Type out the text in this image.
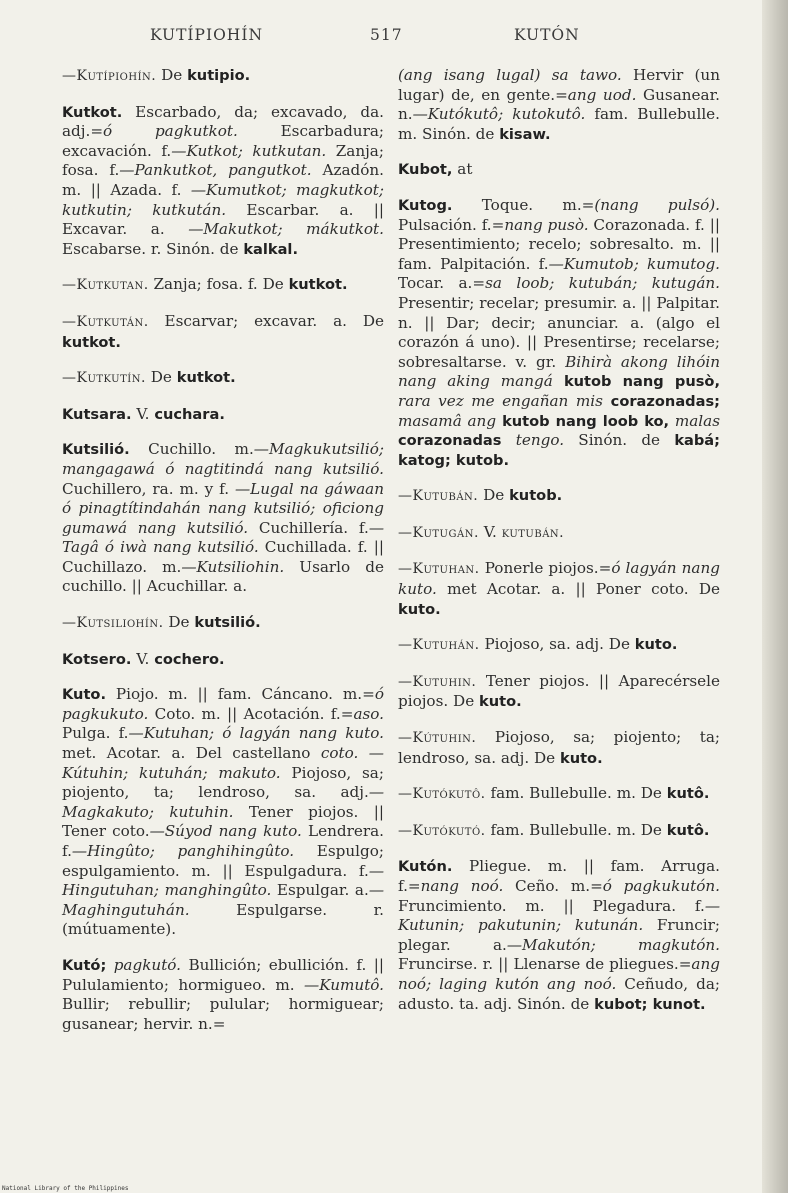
KUTÍPIOHÍN	517	KUTÓN

—Kutípiohín. De kutipio.

Kutkot. Escarbado, da; excavado, da. adj.=ó pagkutkot. Escarbadura; excavación. f.—Kutkot; kutkutan. Zanja; fosa. f.—Pankutkot, pangutkot. Azadón. m. || Azada. f. —Kumutkot; magkutkot; kutkutin; kutkután. Escarbar. a. || Excavar. a. —Makutkot; mákutkot. Escabarse. r. Sinón. de kalkal.

—Kutkutan. Zanja; fosa. f. De kutkot.

—Kutkután. Escarvar; excavar. a. De kutkot.

—Kutkutín. De kutkot.

Kutsara. V. cuchara.

Kutsilió. Cuchillo. m.—Magkukutsilió; mangagawá ó nagtitindá nang kutsilió. Cuchillero, ra. m. y f. —Lugal na gáwaan ó pinagtítindahán nang kutsilió; oficiong gumawá nang kutsilió. Cuchillería. f.—Tagâ ó iwà nang kutsilió. Cuchillada. f. || Cuchillazo. m.—Kutsiliohin. Usarlo de cuchillo. || Acuchillar. a.

—Kutsiliohín. De kutsilió.

Kotsero. V. cochero.

Kuto. Piojo. m. || fam. Cáncano. m.=ó pagkukuto. Coto. m. || Acotación. f.=aso. Pulga. f.—Kutuhan; ó lagyán nang kuto. met. Acotar. a. Del castellano coto. — Kútuhin; kutuhán; makuto. Piojoso, sa; piojento, ta; lendroso, sa. adj.—Magkakuto; kutuhin. Tener piojos. || Tener coto.—Súyod nang kuto. Lendrera. f.—Hingûto; panghihingûto. Espulgo; espulgamiento. m. || Espulgadura. f.—Hingutuhan; manghingûto. Espulgar. a.—Maghingutuhán. Espulgarse. r. (mútuamente).

Kutó; pagkutó. Bullición; ebullición. f. || Pululamiento; hormigueo. m. —Kumutô. Bullir; rebullir; pulular; hormiguear; gusanear; hervir. n.=

(ang isang lugal) sa tawo. Hervir (un lugar) de, en gente.=ang uod. Gusanear. n.—Kutókutô; kutokutô. fam. Bullebulle. m. Sinón. de kisaw.

Kubot, at

Kutog. Toque. m.=(nang pulsó). Pulsación. f.=nang pusò. Corazonada. f. || Presentimiento; recelo; sobresalto. m. || fam. Palpitación. f.—Kumutob; kumutog. Tocar. a.=sa loob; kutubán; kutugán. Presentir; recelar; presumir. a. || Palpitar. n. || Dar; decir; anunciar. a. (algo el corazón á uno). || Presentirse; recelarse; sobresaltarse. v. gr. Bihirà akong lihóin nang aking mangá kutob nang pusò, rara vez me engañan mis corazonadas; masamâ ang kutob nang loob ko, malas corazonadas tengo. Sinón. de kabá; katog; kutob.

—Kutubán. De kutob.

—Kutugán. V. kutubán.

—Kutuhan. Ponerle piojos.=ó lagyán nang kuto. met Acotar. a. || Poner coto. De kuto.

—Kutuhán. Piojoso, sa. adj. De kuto.

—Kutuhin. Tener piojos. || Aparecérsele piojos. De kuto.

—Kútuhin. Piojoso, sa; piojento; ta; lendroso, sa. adj. De kuto.

—Kutókutô. fam. Bullebulle. m. De kutô.

—Kutókutó. fam. Bullebulle. m. De kutô.

Kutón. Pliegue. m. || fam. Arruga. f.=nang noó. Ceño. m.=ó pagkukutón. Fruncimiento. m. || Plegadura. f.—Kutunin; pakutunin; kutunán. Fruncir; plegar. a.—Makutón; magkutón. Fruncirse. r. || Llenarse de pliegues.=ang noó; laging kutón ang noó. Ceñudo, da; adusto. ta. adj. Sinón. de kubot; kunot.

National Library of the Philippines
